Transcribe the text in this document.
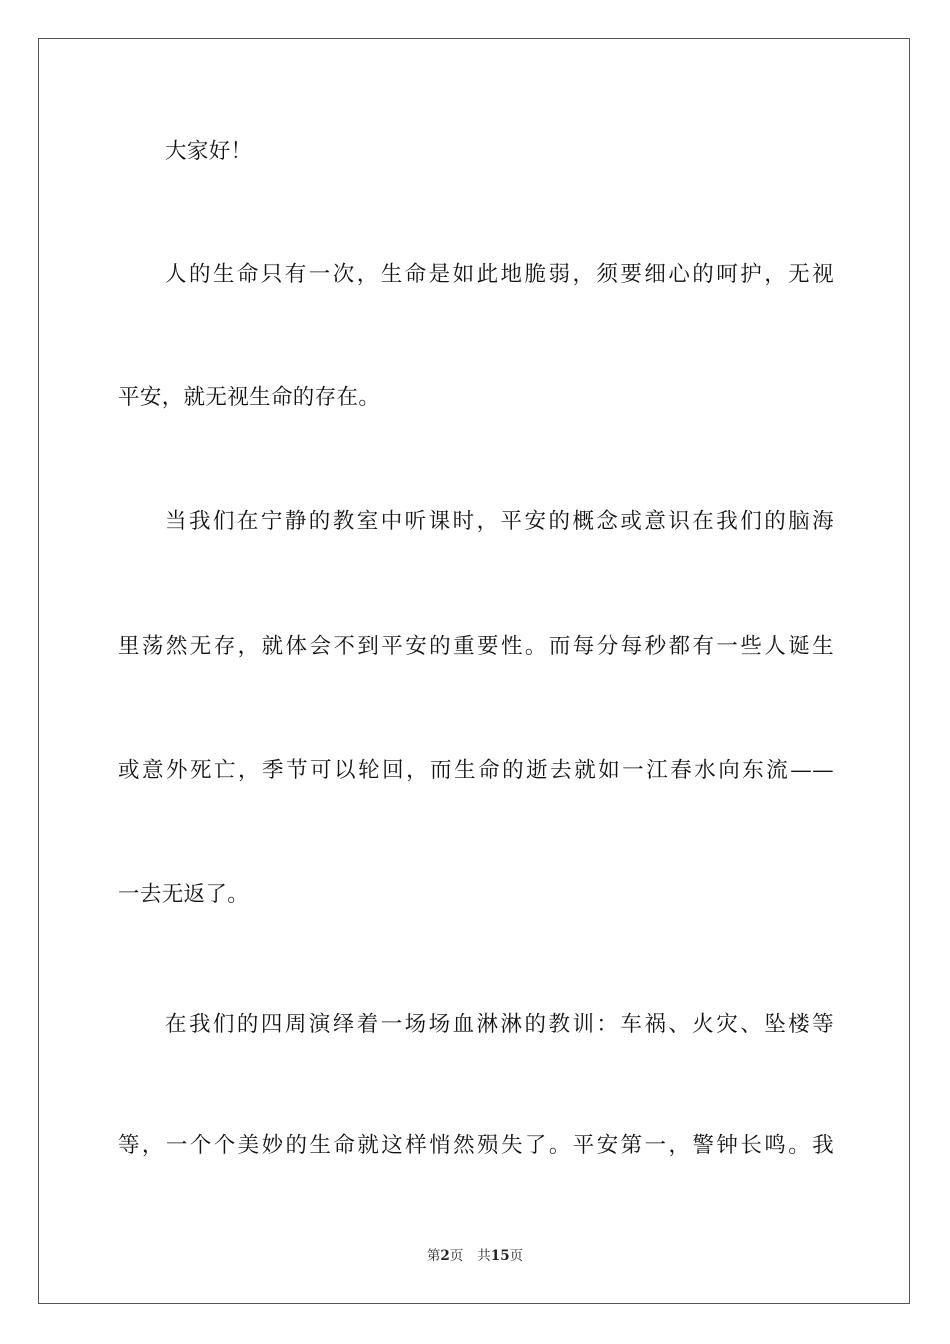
大家好！
人的生命只有一次，生命是如此地脆弱，须要细心的呵护，无视
平安，就无视生命的存在。
当我们在宁静的教室中听课时，平安的概念或意识在我们的脑海
里荡然无存，就体会不到平安的重要性。而每分每秒都有一些人诞生
或意外死亡，季节可以轮回，而生命的逝去就如一江春水向东流——
一去无返了。
在我们的四周演绎着一场场血淋淋的教训：车祸、火灾、坠楼等
等，一个个美妙的生命就这样悄然殒失了。平安第一，警钟长鸣。我
第2页 共15页
